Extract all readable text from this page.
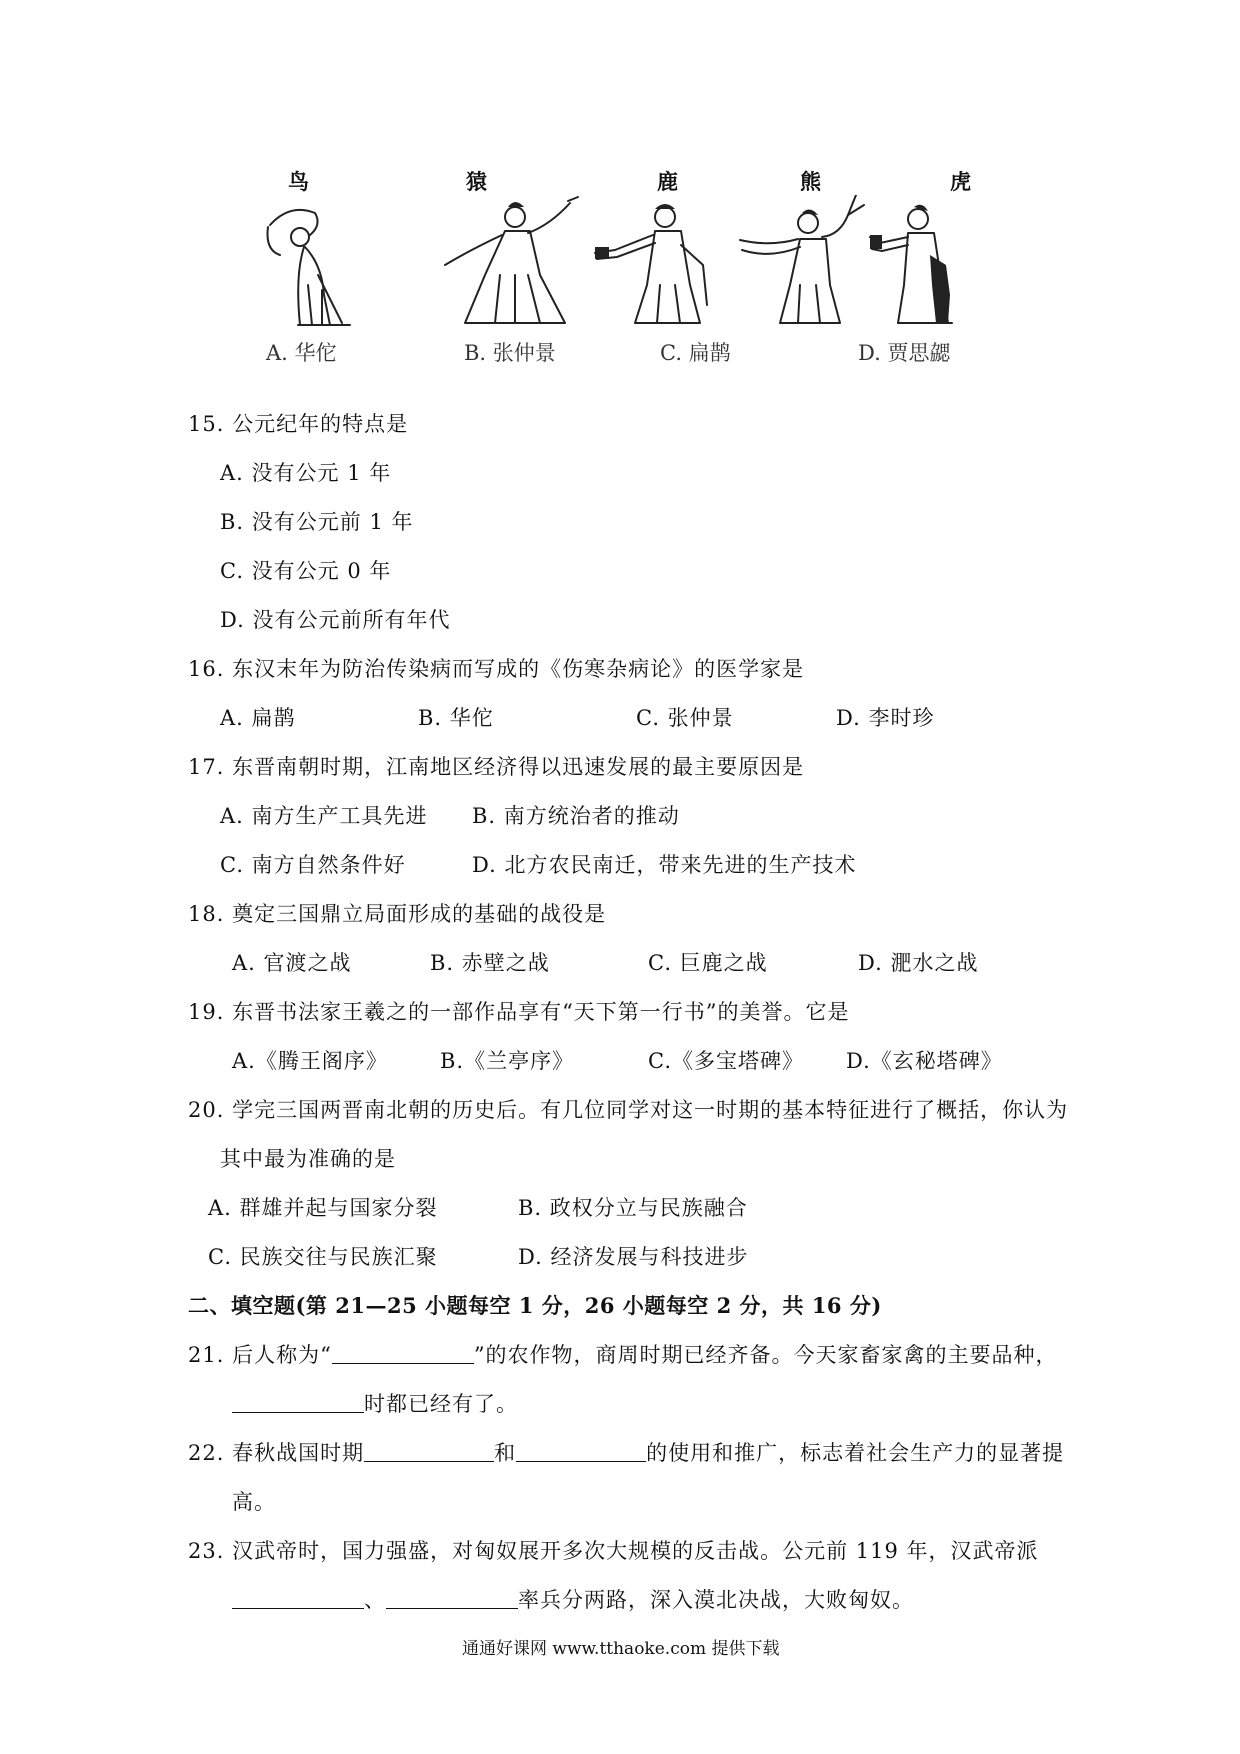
鸟	猿	鹿	熊	虎
A. 华佗	B. 张仲景	C. 扁鹊	D. 贾思勰
15. 公元纪年的特点是
A. 没有公元 1 年
B. 没有公元前 1 年
C. 没有公元 0 年
D. 没有公元前所有年代
16. 东汉末年为防治传染病而写成的《伤寒杂病论》的医学家是
A. 扁鹊	B. 华佗	C. 张仲景	D. 李时珍
17. 东晋南朝时期，江南地区经济得以迅速发展的最主要原因是
A. 南方生产工具先进 B. 南方统治者的推动
C. 南方自然条件好	D. 北方农民南迁，带来先进的生产技术
18. 奠定三国鼎立局面形成的基础的战役是
A. 官渡之战	B. 赤壁之战	C. 巨鹿之战	D. 淝水之战
19. 东晋书法家王羲之的一部作品享有“天下第一行书”的美誉。它是
A.《腾王阁序》 B.《兰亭序》	C.《多宝塔碑》 D.《玄秘塔碑》
20. 学完三国两晋南北朝的历史后。有几位同学对这一时期的基本特征进行了概括，你认为
其中最为准确的是
A. 群雄并起与国家分裂	B. 政权分立与民族融合
C. 民族交往与民族汇聚	D. 经济发展与科技进步
二、填空题(第 21—25 小题每空 1 分，26 小题每空 2 分，共 16 分)
21. 后人称为“	”的农作物，商周时期已经齐备。今天家畜家禽的主要品种，
时都已经有了。
22. 春秋战国时期	和	的使用和推广，标志着社会生产力的显著提
高。
23. 汉武帝时，国力强盛，对匈奴展开多次大规模的反击战。公元前 119 年，汉武帝派
、	率兵分两路，深入漠北决战，大败匈奴。
通通好课网 www.tthaoke.com 提供下载
